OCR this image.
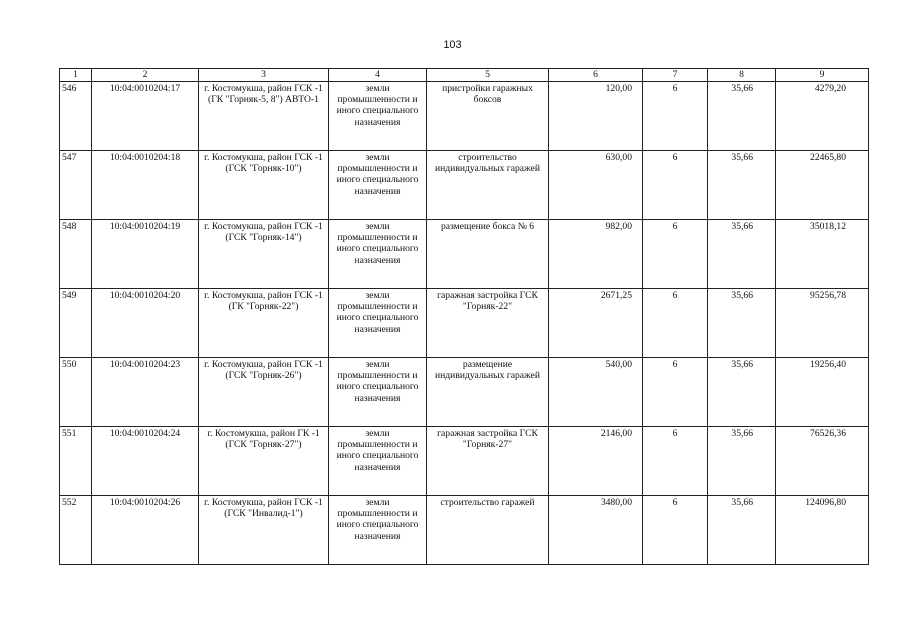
103
1	2	3	4	5	6	7	8	9
546	10:04:0010204:17	г. Костомукша, район ГСК -1 (ГК "Горняк-5, 8") АВТО-1	земли промышленности и иного специального назначения	пристройки гаражных боксов	120,00	6	35,66	4279,20
547	10:04:0010204:18	г. Костомукша, район ГСК -1 (ГСК "Горняк-10")	земли промышленности и иного специального назначения	строительство индивидуальных гаражей	630,00	6	35,66	22465,80
548	10:04:0010204:19	г. Костомукша, район ГСК -1 (ГСК "Горняк-14")	земли промышленности и иного специального назначения	размещение бокса № 6	982,00	6	35,66	35018,12
549	10:04:0010204:20	г. Костомукша, район ГСК -1 (ГК "Горняк-22")	земли промышленности и иного специального назначения	гаражная застройка ГСК "Горняк-22"	2671,25	6	35,66	95256,78
550	10:04:0010204:23	г. Костомукша, район ГСК -1 (ГСК "Горняк-26")	земли промышленности и иного специального назначения	размещение индивидуальных гаражей	540,00	6	35,66	19256,40
551	10:04:0010204:24	г. Костомукша, район ГК -1 (ГСК "Горняк-27")	земли промышленности и иного специального назначения	гаражная застройка ГСК "Горняк-27"	2146,00	6	35,66	76526,36
552	10:04:0010204:26	г. Костомукша, район ГСК -1 (ГСК "Инвалид-1")	земли промышленности и иного специального назначения	строительство гаражей	3480,00	6	35,66	124096,80
